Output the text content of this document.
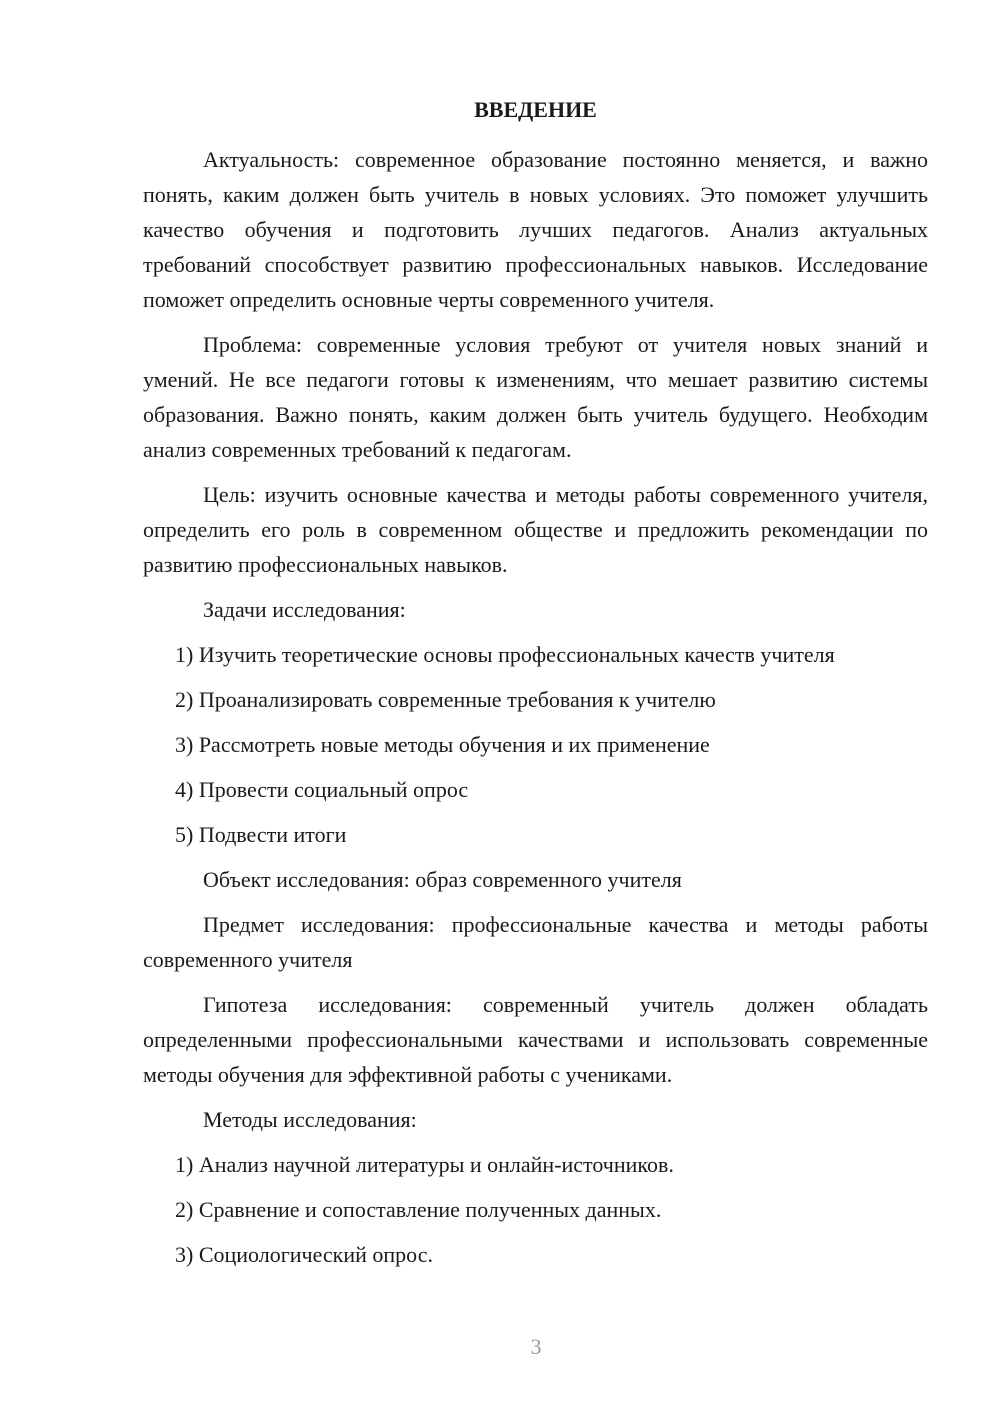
ВВЕДЕНИЕ
Актуальность: современное образование постоянно меняется, и важно понять, каким должен быть учитель в новых условиях. Это поможет улучшить качество обучения и подготовить лучших педагогов. Анализ актуальных требований способствует развитию профессиональных навыков. Исследование поможет определить основные черты современного учителя.
Проблема: современные условия требуют от учителя новых знаний и умений. Не все педагоги готовы к изменениям, что мешает развитию системы образования. Важно понять, каким должен быть учитель будущего. Необходим анализ современных требований к педагогам.
Цель: изучить основные качества и методы работы современного учителя, определить его роль в современном обществе и предложить рекомендации по развитию профессиональных навыков.
Задачи исследования:
1) Изучить теоретические основы профессиональных качеств учителя
2) Проанализировать современные требования к учителю
3) Рассмотреть новые методы обучения и их применение
4) Провести социальный опрос
5) Подвести итоги
Объект исследования: образ современного учителя
Предмет исследования: профессиональные качества и методы работы современного учителя
Гипотеза исследования: современный учитель должен обладать определенными профессиональными качествами и использовать современные методы обучения для эффективной работы с учениками.
Методы исследования:
1) Анализ научной литературы и онлайн-источников.
2) Сравнение и сопоставление полученных данных.
3) Социологический опрос.
3
